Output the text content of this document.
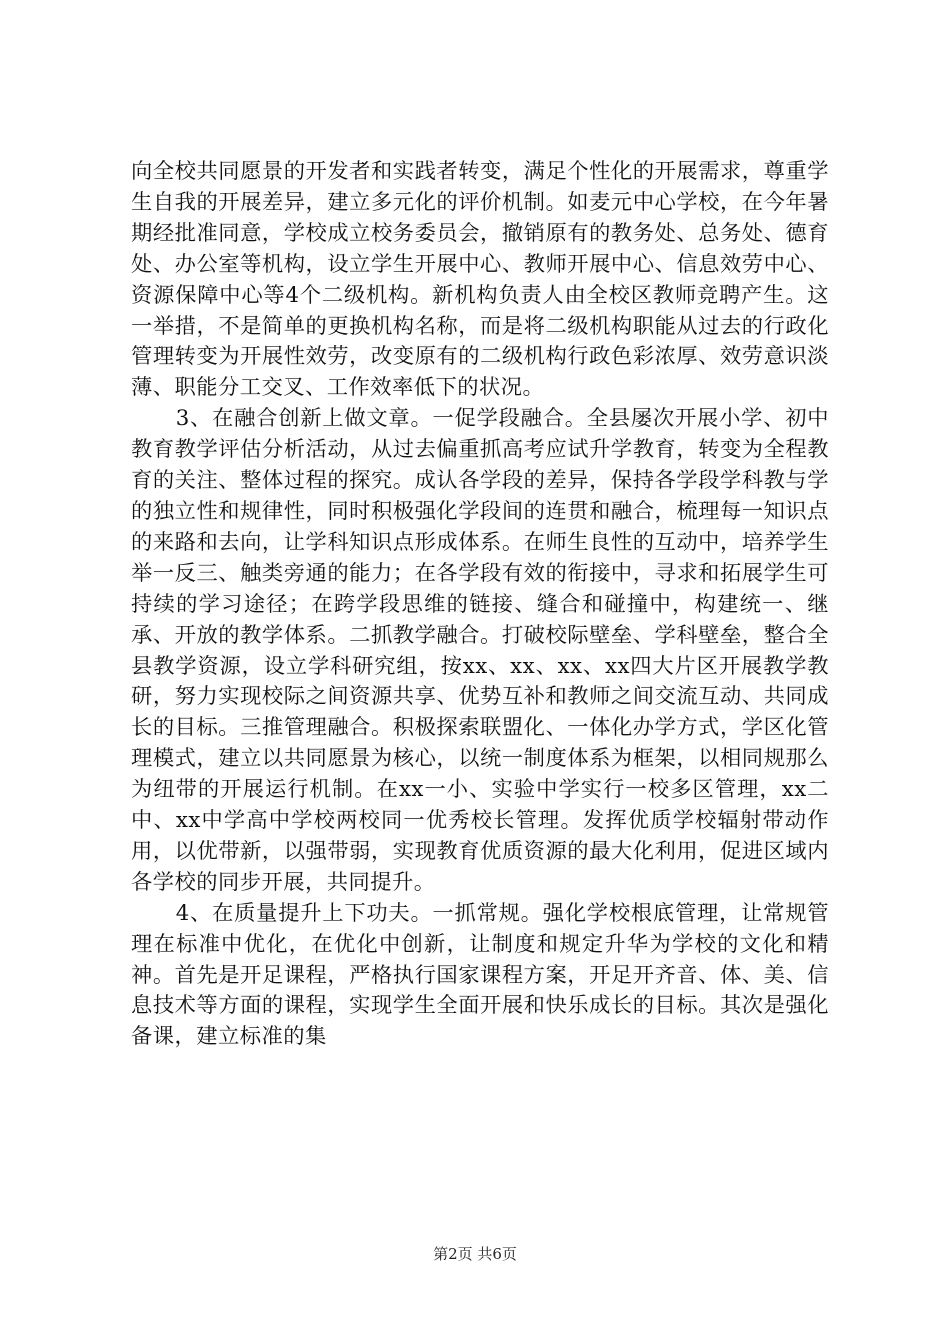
向全校共同愿景的开发者和实践者转变，满足个性化的开展需求，尊重学生自我的开展差异，建立多元化的评价机制。如麦元中心学校，在今年暑期经批准同意，学校成立校务委员会，撤销原有的教务处、总务处、德育处、办公室等机构，设立学生开展中心、教师开展中心、信息效劳中心、资源保障中心等4个二级机构。新机构负责人由全校区教师竞聘产生。这一举措，不是简单的更换机构名称，而是将二级机构职能从过去的行政化管理转变为开展性效劳，改变原有的二级机构行政色彩浓厚、效劳意识淡薄、职能分工交叉、工作效率低下的状况。

3、在融合创新上做文章。一促学段融合。全县屡次开展小学、初中教育教学评估分析活动，从过去偏重抓高考应试升学教育，转变为全程教育的关注、整体过程的探究。成认各学段的差异，保持各学段学科教与学的独立性和规律性，同时积极强化学段间的连贯和融合，梳理每一知识点的来路和去向，让学科知识点形成体系。在师生良性的互动中，培养学生举一反三、触类旁通的能力；在各学段有效的衔接中，寻求和拓展学生可持续的学习途径；在跨学段思维的链接、缝合和碰撞中，构建统一、继承、开放的教学体系。二抓教学融合。打破校际壁垒、学科壁垒，整合全县教学资源，设立学科研究组，按xx、xx、xx、xx四大片区开展教学教研，努力实现校际之间资源共享、优势互补和教师之间交流互动、共同成长的目标。三推管理融合。积极探索联盟化、一体化办学方式，学区化管理模式，建立以共同愿景为核心，以统一制度体系为框架，以相同规那么为纽带的开展运行机制。在xx一小、实验中学实行一校多区管理，xx二中、xx中学高中学校两校同一优秀校长管理。发挥优质学校辐射带动作用，以优带新，以强带弱，实现教育优质资源的最大化利用，促进区域内各学校的同步开展，共同提升。

4、在质量提升上下功夫。一抓常规。强化学校根底管理，让常规管理在标准中优化，在优化中创新，让制度和规定升华为学校的文化和精神。首先是开足课程，严格执行国家课程方案，开足开齐音、体、美、信息技术等方面的课程，实现学生全面开展和快乐成长的目标。其次是强化备课，建立标准的集

第2页 共6页
